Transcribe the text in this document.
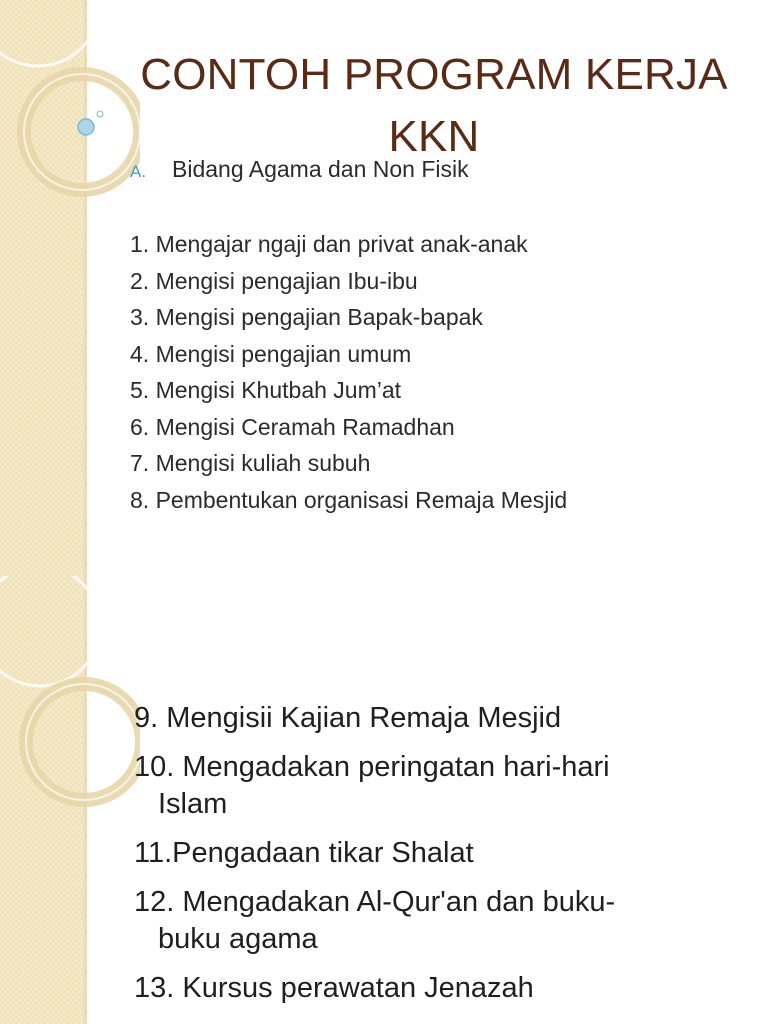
CONTOH PROGRAM KERJA
KKN
A. Bidang Agama dan Non Fisik
1. Mengajar ngaji dan privat anak-anak
2. Mengisi pengajian Ibu-ibu
3. Mengisi pengajian Bapak-bapak
4. Mengisi pengajian umum
5. Mengisi Khutbah Jum’at
6. Mengisi Ceramah Ramadhan
7. Mengisi kuliah subuh
8. Pembentukan organisasi Remaja Mesjid
9. Mengisii Kajian Remaja Mesjid
10. Mengadakan peringatan hari-hari
Islam
11.Pengadaan tikar Shalat
12. Mengadakan Al-Qur'an dan buku-
buku agama
13. Kursus perawatan Jenazah
